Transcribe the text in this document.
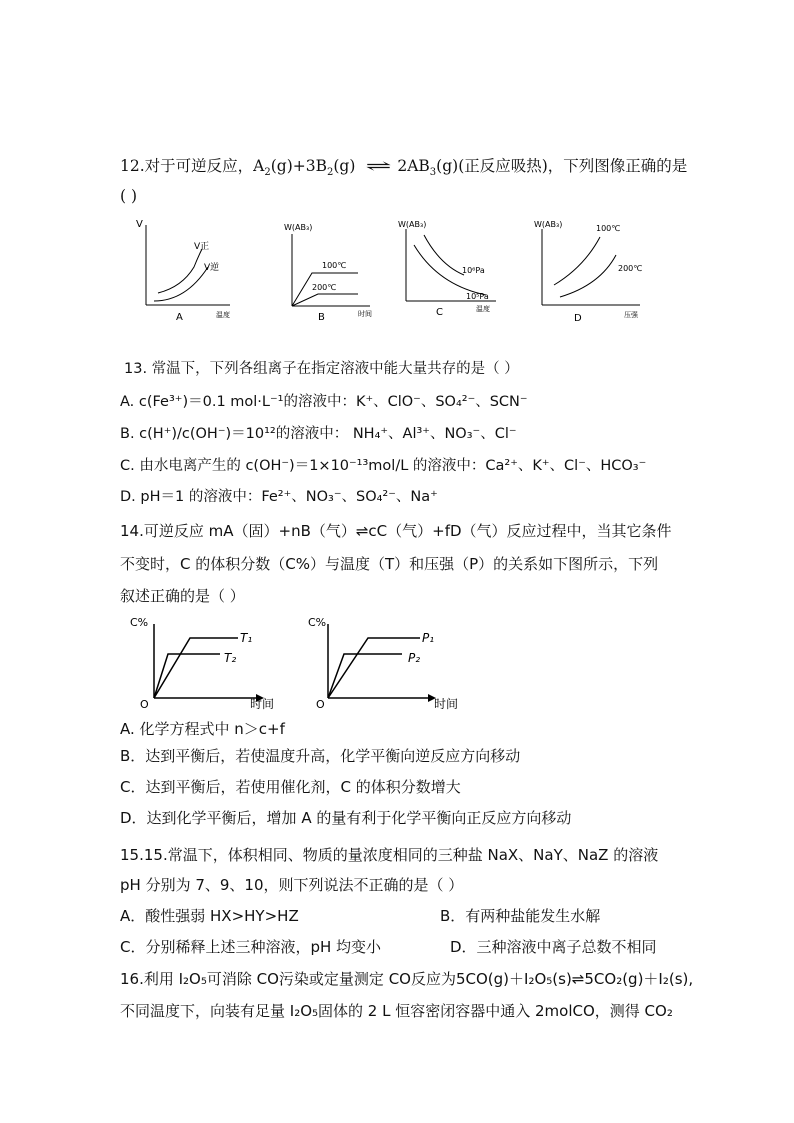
12.对于可逆反应，$A_2(g)+3B_2(g)$ ⇌ $2AB_3(g)$(正反应吸热)，下列图像正确的是
( )
V
V正
V逆
温度
A
W(AB₃)
100℃
200℃
时间
B
W(AB₃)
10⁶Pa
10⁵Pa
温度
C
W(AB₃)	100℃
200℃
压强
D
13. 常温下，下列各组离子在指定溶液中能大量共存的是（ ）
A. c(Fe³⁺)＝0.1 mol·L⁻¹的溶液中：K⁺、ClO⁻、SO₄²⁻、SCN⁻
B. c(H⁺)/c(OH⁻)＝10¹²的溶液中： NH₄⁺、Al³⁺、NO₃⁻、Cl⁻
C. 由水电离产生的 c(OH⁻)＝1×10⁻¹³mol/L 的溶液中：Ca²⁺、K⁺、Cl⁻、HCO₃⁻
D. pH＝1 的溶液中：Fe²⁺、NO₃⁻、SO₄²⁻、Na⁺
14.可逆反应 mA（固）+nB（气）⇌cC（气）+fD（气）反应过程中，当其它条件
不变时，C 的体积分数（C%）与温度（T）和压强（P）的关系如下图所示，下列
叙述正确的是（ ）
C%
T₁
T₂
O	时间
C%
P₁
P₂
O	时间
A. 化学方程式中 n＞c+f
B．达到平衡后，若使温度升高，化学平衡向逆反应方向移动
C．达到平衡后，若使用催化剂，C 的体积分数增大
D．达到化学平衡后，增加 A 的量有利于化学平衡向正反应方向移动
15.15.常温下，体积相同、物质的量浓度相同的三种盐 NaX、NaY、NaZ 的溶液
pH 分别为 7、9、10，则下列说法不正确的是（ ）
A．酸性强弱 HX>HY>HZ	B．有两种盐能发生水解
C．分别稀释上述三种溶液，pH 均变小	D．三种溶液中离子总数不相同
16.利用 I₂O₅可消除 CO污染或定量测定 CO反应为5CO(g)＋I₂O₅(s)⇌5CO₂(g)＋I₂(s),
不同温度下，向装有足量 I₂O₅固体的 2 L 恒容密闭容器中通入 2molCO，测得 CO₂
